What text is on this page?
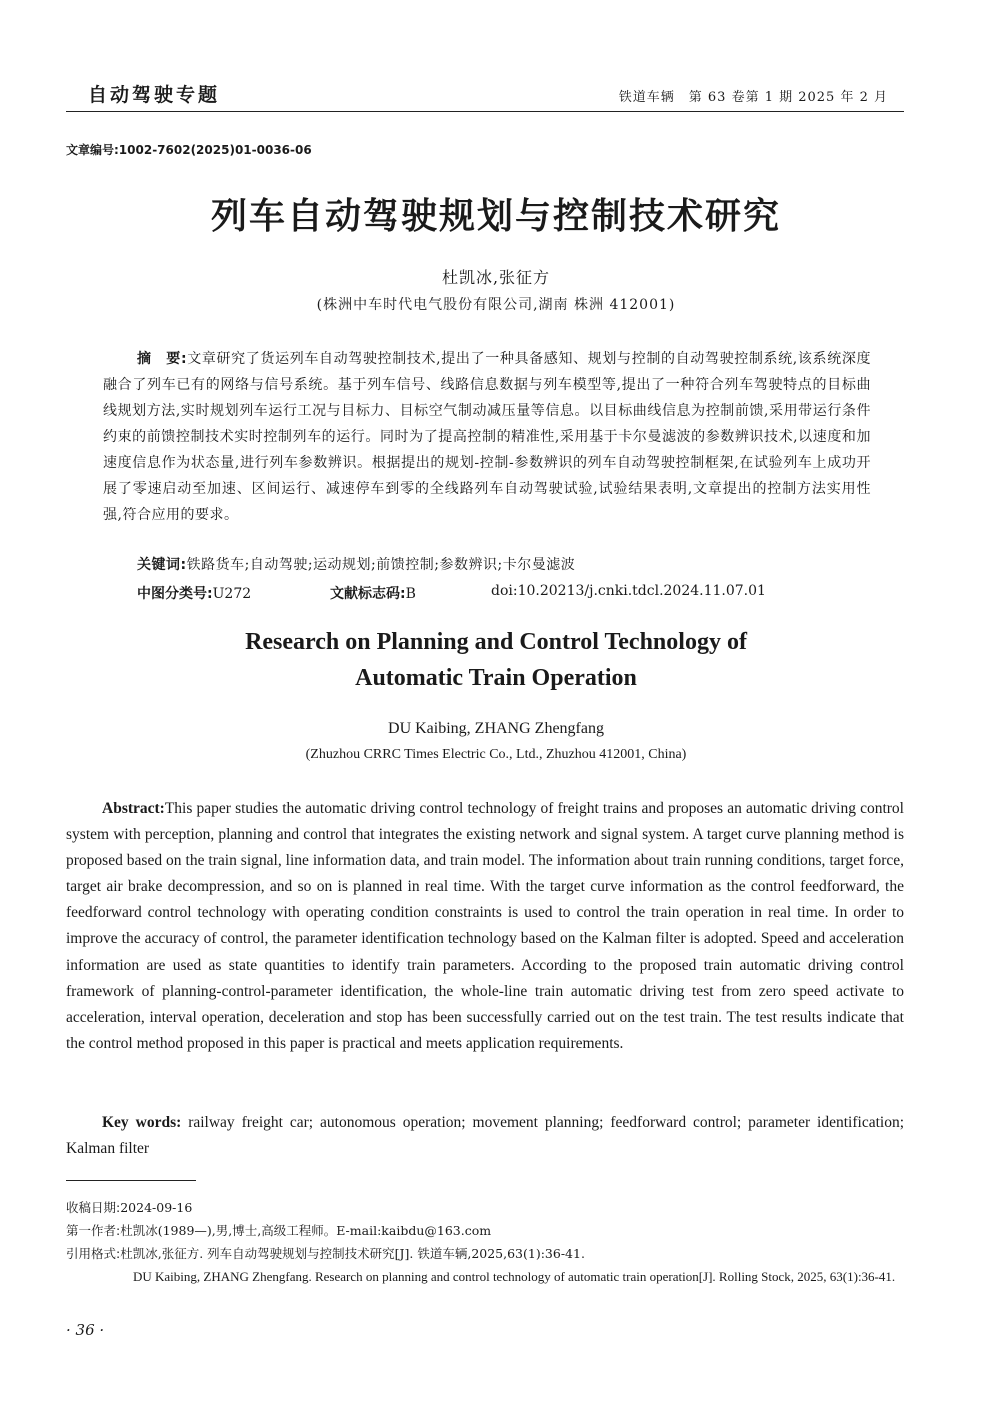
自动驾驶专题	铁道车辆　第 63 卷第 1 期 2025 年 2 月
文章编号:1002-7602(2025)01-0036-06
列车自动驾驶规划与控制技术研究
杜凯冰,张征方
(株洲中车时代电气股份有限公司,湖南 株洲 412001)
摘　要:文章研究了货运列车自动驾驶控制技术,提出了一种具备感知、规划与控制的自动驾驶控制系统,该系统深度融合了列车已有的网络与信号系统。基于列车信号、线路信息数据与列车模型等,提出了一种符合列车驾驶特点的目标曲线规划方法,实时规划列车运行工况与目标力、目标空气制动减压量等信息。以目标曲线信息为控制前馈,采用带运行条件约束的前馈控制技术实时控制列车的运行。同时为了提高控制的精准性,采用基于卡尔曼滤波的参数辨识技术,以速度和加速度信息作为状态量,进行列车参数辨识。根据提出的规划-控制-参数辨识的列车自动驾驶控制框架,在试验列车上成功开展了零速启动至加速、区间运行、减速停车到零的全线路列车自动驾驶试验,试验结果表明,文章提出的控制方法实用性强,符合应用的要求。
关键词:铁路货车;自动驾驶;运动规划;前馈控制;参数辨识;卡尔曼滤波
中图分类号:U272	文献标志码:B	doi:10.20213/j.cnki.tdcl.2024.11.07.01
Research on Planning and Control Technology of
Automatic Train Operation
DU Kaibing, ZHANG Zhengfang
(Zhuzhou CRRC Times Electric Co., Ltd., Zhuzhou 412001, China)
Abstract:This paper studies the automatic driving control technology of freight trains and proposes an automatic driving control system with perception, planning and control that integrates the existing network and signal system. A target curve planning method is proposed based on the train signal, line information data, and train model. The information about train running conditions, target force, target air brake decompression, and so on is planned in real time. With the target curve information as the control feedforward, the feedforward control technology with operating condition constraints is used to control the train operation in real time. In order to improve the accuracy of control, the parameter identification technology based on the Kalman filter is adopted. Speed and acceleration information are used as state quantities to identify train parameters. According to the proposed train automatic driving control framework of planning-control-parameter identification, the whole-line train automatic driving test from zero speed activate to acceleration, interval operation, deceleration and stop has been successfully carried out on the test train. The test results indicate that the control method proposed in this paper is practical and meets application requirements.
Key words: railway freight car; autonomous operation; movement planning; feedforward control; parameter identification; Kalman filter
收稿日期:2024-09-16
第一作者:杜凯冰(1989—),男,博士,高级工程师。E-mail:kaibdu@163.com
引用格式:杜凯冰,张征方. 列车自动驾驶规划与控制技术研究[J]. 铁道车辆,2025,63(1):36-41.
DU Kaibing, ZHANG Zhengfang. Research on planning and control technology of automatic train operation[J]. Rolling Stock, 2025, 63(1):36-41.
· 36 ·
